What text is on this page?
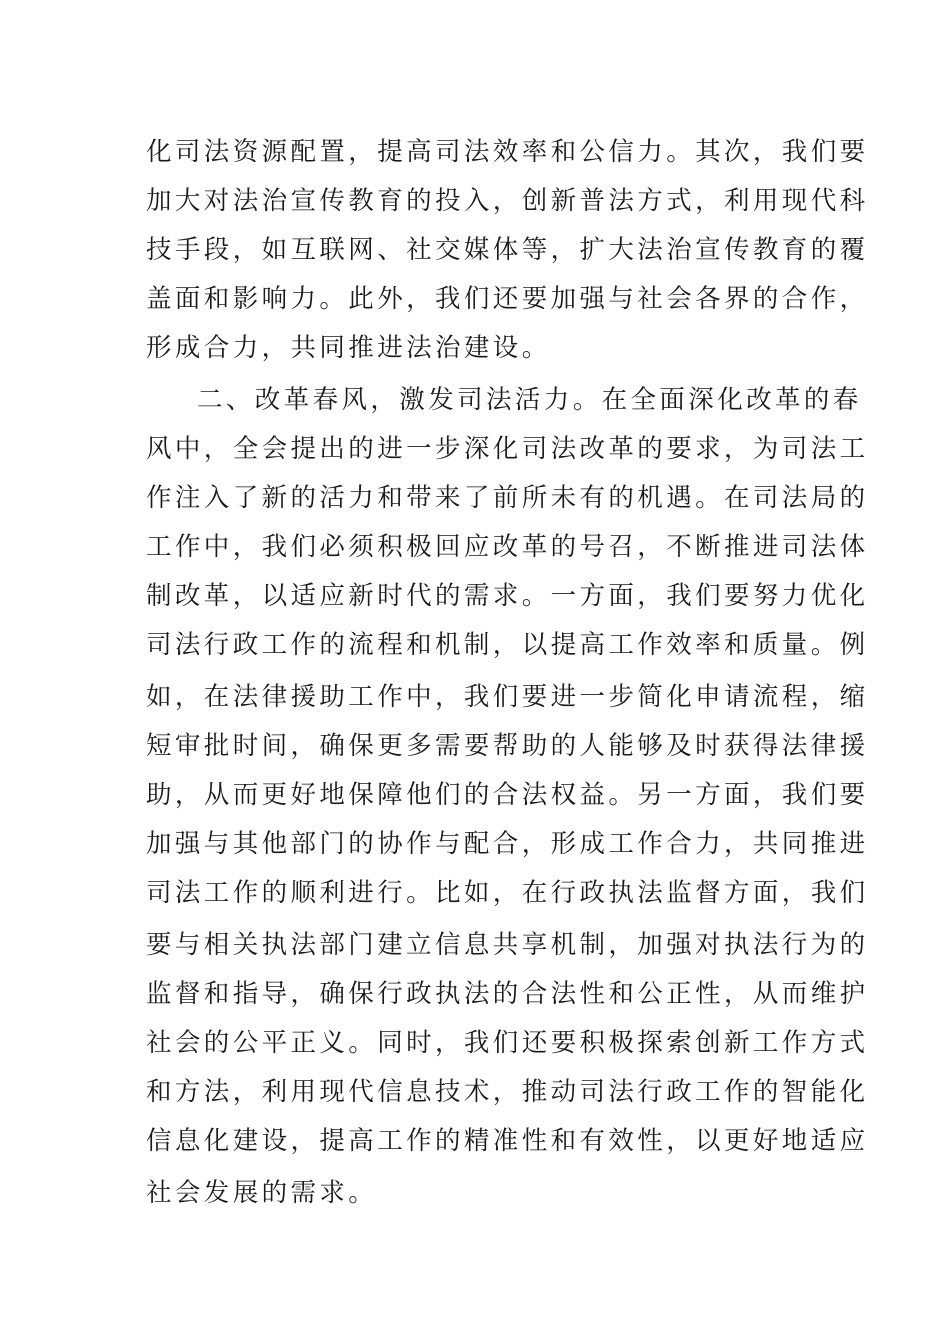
化司法资源配置，提高司法效率和公信力。其次，我们要
加大对法治宣传教育的投入，创新普法方式，利用现代科
技手段，如互联网、社交媒体等，扩大法治宣传教育的覆
盖面和影响力。此外，我们还要加强与社会各界的合作，
形成合力，共同推进法治建设。
二、改革春风，激发司法活力。在全面深化改革的春
风中，全会提出的进一步深化司法改革的要求，为司法工
作注入了新的活力和带来了前所未有的机遇。在司法局的
工作中，我们必须积极回应改革的号召，不断推进司法体
制改革，以适应新时代的需求。一方面，我们要努力优化
司法行政工作的流程和机制，以提高工作效率和质量。例
如，在法律援助工作中，我们要进一步简化申请流程，缩
短审批时间，确保更多需要帮助的人能够及时获得法律援
助，从而更好地保障他们的合法权益。另一方面，我们要
加强与其他部门的协作与配合，形成工作合力，共同推进
司法工作的顺利进行。比如，在行政执法监督方面，我们
要与相关执法部门建立信息共享机制，加强对执法行为的
监督和指导，确保行政执法的合法性和公正性，从而维护
社会的公平正义。同时，我们还要积极探索创新工作方式
和方法，利用现代信息技术，推动司法行政工作的智能化
信息化建设，提高工作的精准性和有效性，以更好地适应
社会发展的需求。
